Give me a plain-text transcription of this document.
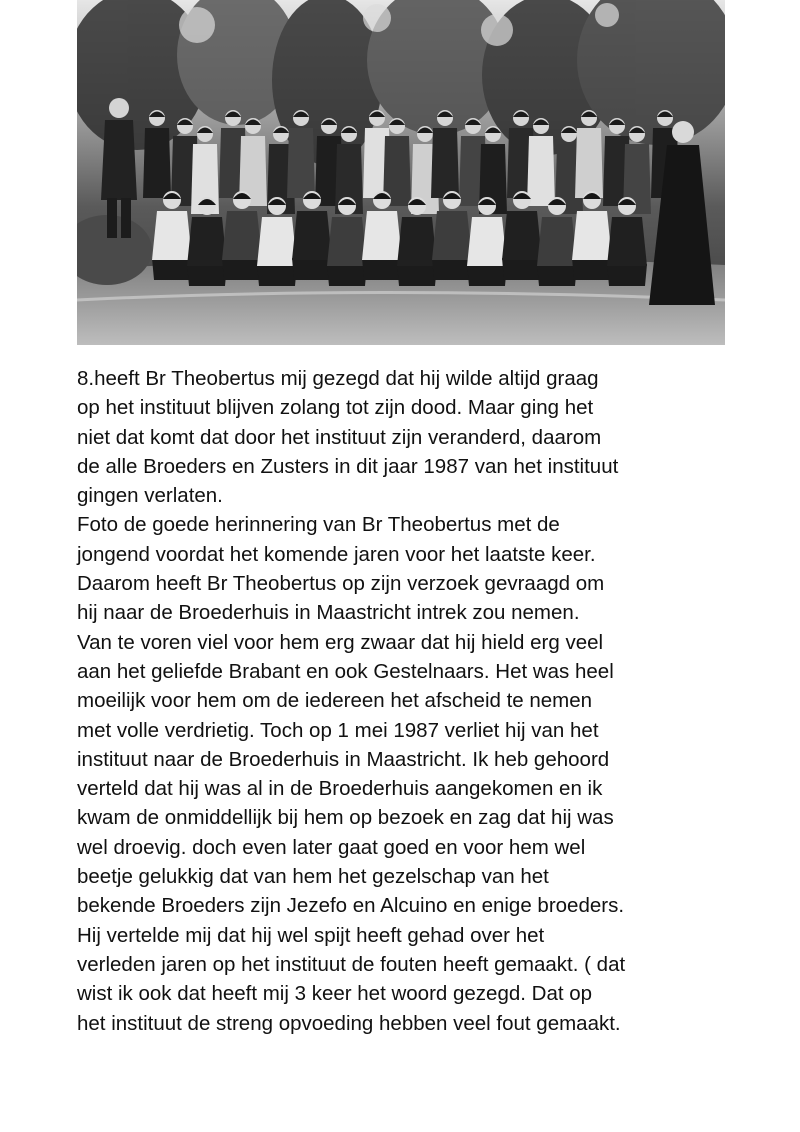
8.heeft Br Theobertus mij gezegd dat hij wilde altijd graag
op het instituut blijven zolang tot zijn dood. Maar ging het
niet dat komt dat door het instituut zijn veranderd, daarom
de alle Broeders en Zusters in dit jaar 1987 van het instituut
gingen verlaten.
Foto de goede herinnering van Br Theobertus met de
jongend voordat het komende jaren voor het laatste keer.
Daarom heeft Br Theobertus op zijn verzoek gevraagd om
hij naar de Broederhuis in Maastricht intrek zou nemen.
Van te voren viel voor hem erg zwaar dat hij hield erg veel
aan het geliefde Brabant en ook Gestelnaars. Het was heel
moeilijk voor hem om de iedereen het afscheid te nemen
met volle verdrietig. Toch op 1 mei 1987 verliet hij van het
instituut naar de Broederhuis in Maastricht. Ik heb gehoord
verteld dat hij was al in de Broederhuis aangekomen en ik
kwam de onmiddellijk bij hem op bezoek en zag dat hij was
wel droevig. doch even later gaat goed en voor hem wel
beetje gelukkig dat van hem het gezelschap van het
bekende Broeders zijn Jezefo en Alcuino en enige broeders.
Hij vertelde mij dat hij wel spijt heeft gehad over het
verleden jaren op het instituut de fouten heeft gemaakt. ( dat
wist ik ook dat heeft mij 3 keer het woord gezegd. Dat op
het instituut de streng opvoeding hebben veel fout gemaakt.
